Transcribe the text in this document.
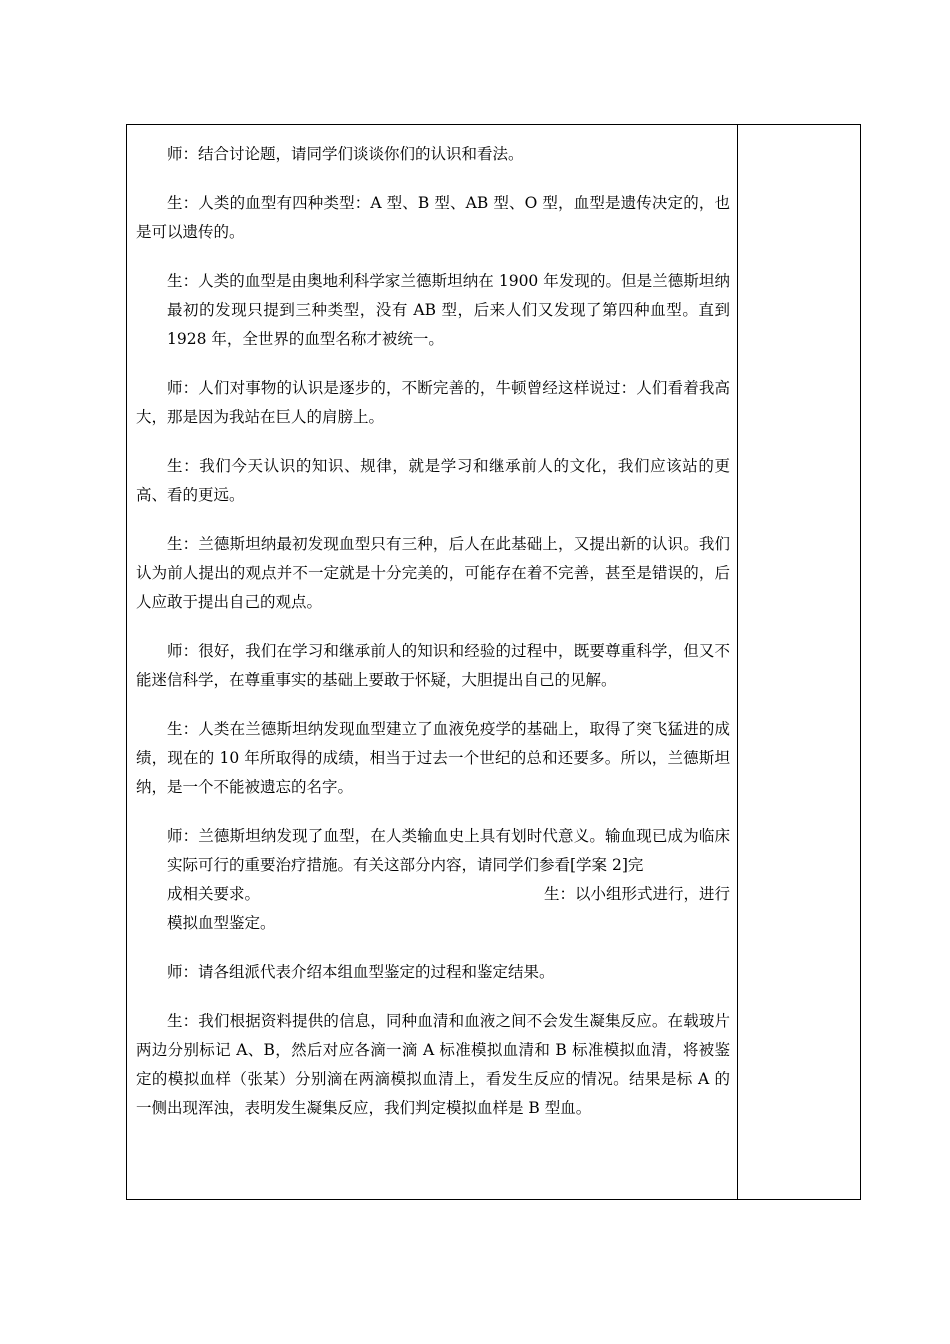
师：结合讨论题，请同学们谈谈你们的认识和看法。

生：人类的血型有四种类型：A 型、B 型、AB 型、O 型，血型是遗传决定的，也是可以遗传的。

生：人类的血型是由奥地利科学家兰德斯坦纳在 1900 年发现的。但是兰德斯坦纳最初的发现只提到三种类型，没有 AB 型，后来人们又发现了第四种血型。直到 1928 年，全世界的血型名称才被统一。

师：人们对事物的认识是逐步的，不断完善的，牛顿曾经这样说过：人们看着我高大，那是因为我站在巨人的肩膀上。

生：我们今天认识的知识、规律，就是学习和继承前人的文化，我们应该站的更高、看的更远。

生：兰德斯坦纳最初发现血型只有三种，后人在此基础上，又提出新的认识。我们认为前人提出的观点并不一定就是十分完美的，可能存在着不完善，甚至是错误的，后人应敢于提出自己的观点。

师：很好，我们在学习和继承前人的知识和经验的过程中，既要尊重科学，但又不能迷信科学，在尊重事实的基础上要敢于怀疑，大胆提出自己的见解。

生：人类在兰德斯坦纳发现血型建立了血液免疫学的基础上，取得了突飞猛进的成绩，现在的 10 年所取得的成绩，相当于过去一个世纪的总和还要多。所以，兰德斯坦纳，是一个不能被遗忘的名字。

师：兰德斯坦纳发现了血型，在人类输血史上具有划时代意义。输血现已成为临床实际可行的重要治疗措施。有关这部分内容，请同学们参看[学案 2]完
成相关要求。	生：以小组形式进行，进行

模拟血型鉴定。

师：请各组派代表介绍本组血型鉴定的过程和鉴定结果。

生：我们根据资料提供的信息，同种血清和血液之间不会发生凝集反应。在载玻片两边分别标记 A、B，然后对应各滴一滴 A 标准模拟血清和 B 标准模拟血清，将被鉴定的模拟血样（张某）分别滴在两滴模拟血清上，看发生反应的情况。结果是标 A 的一侧出现浑浊，表明发生凝集反应，我们判定模拟血样是 B 型血。
